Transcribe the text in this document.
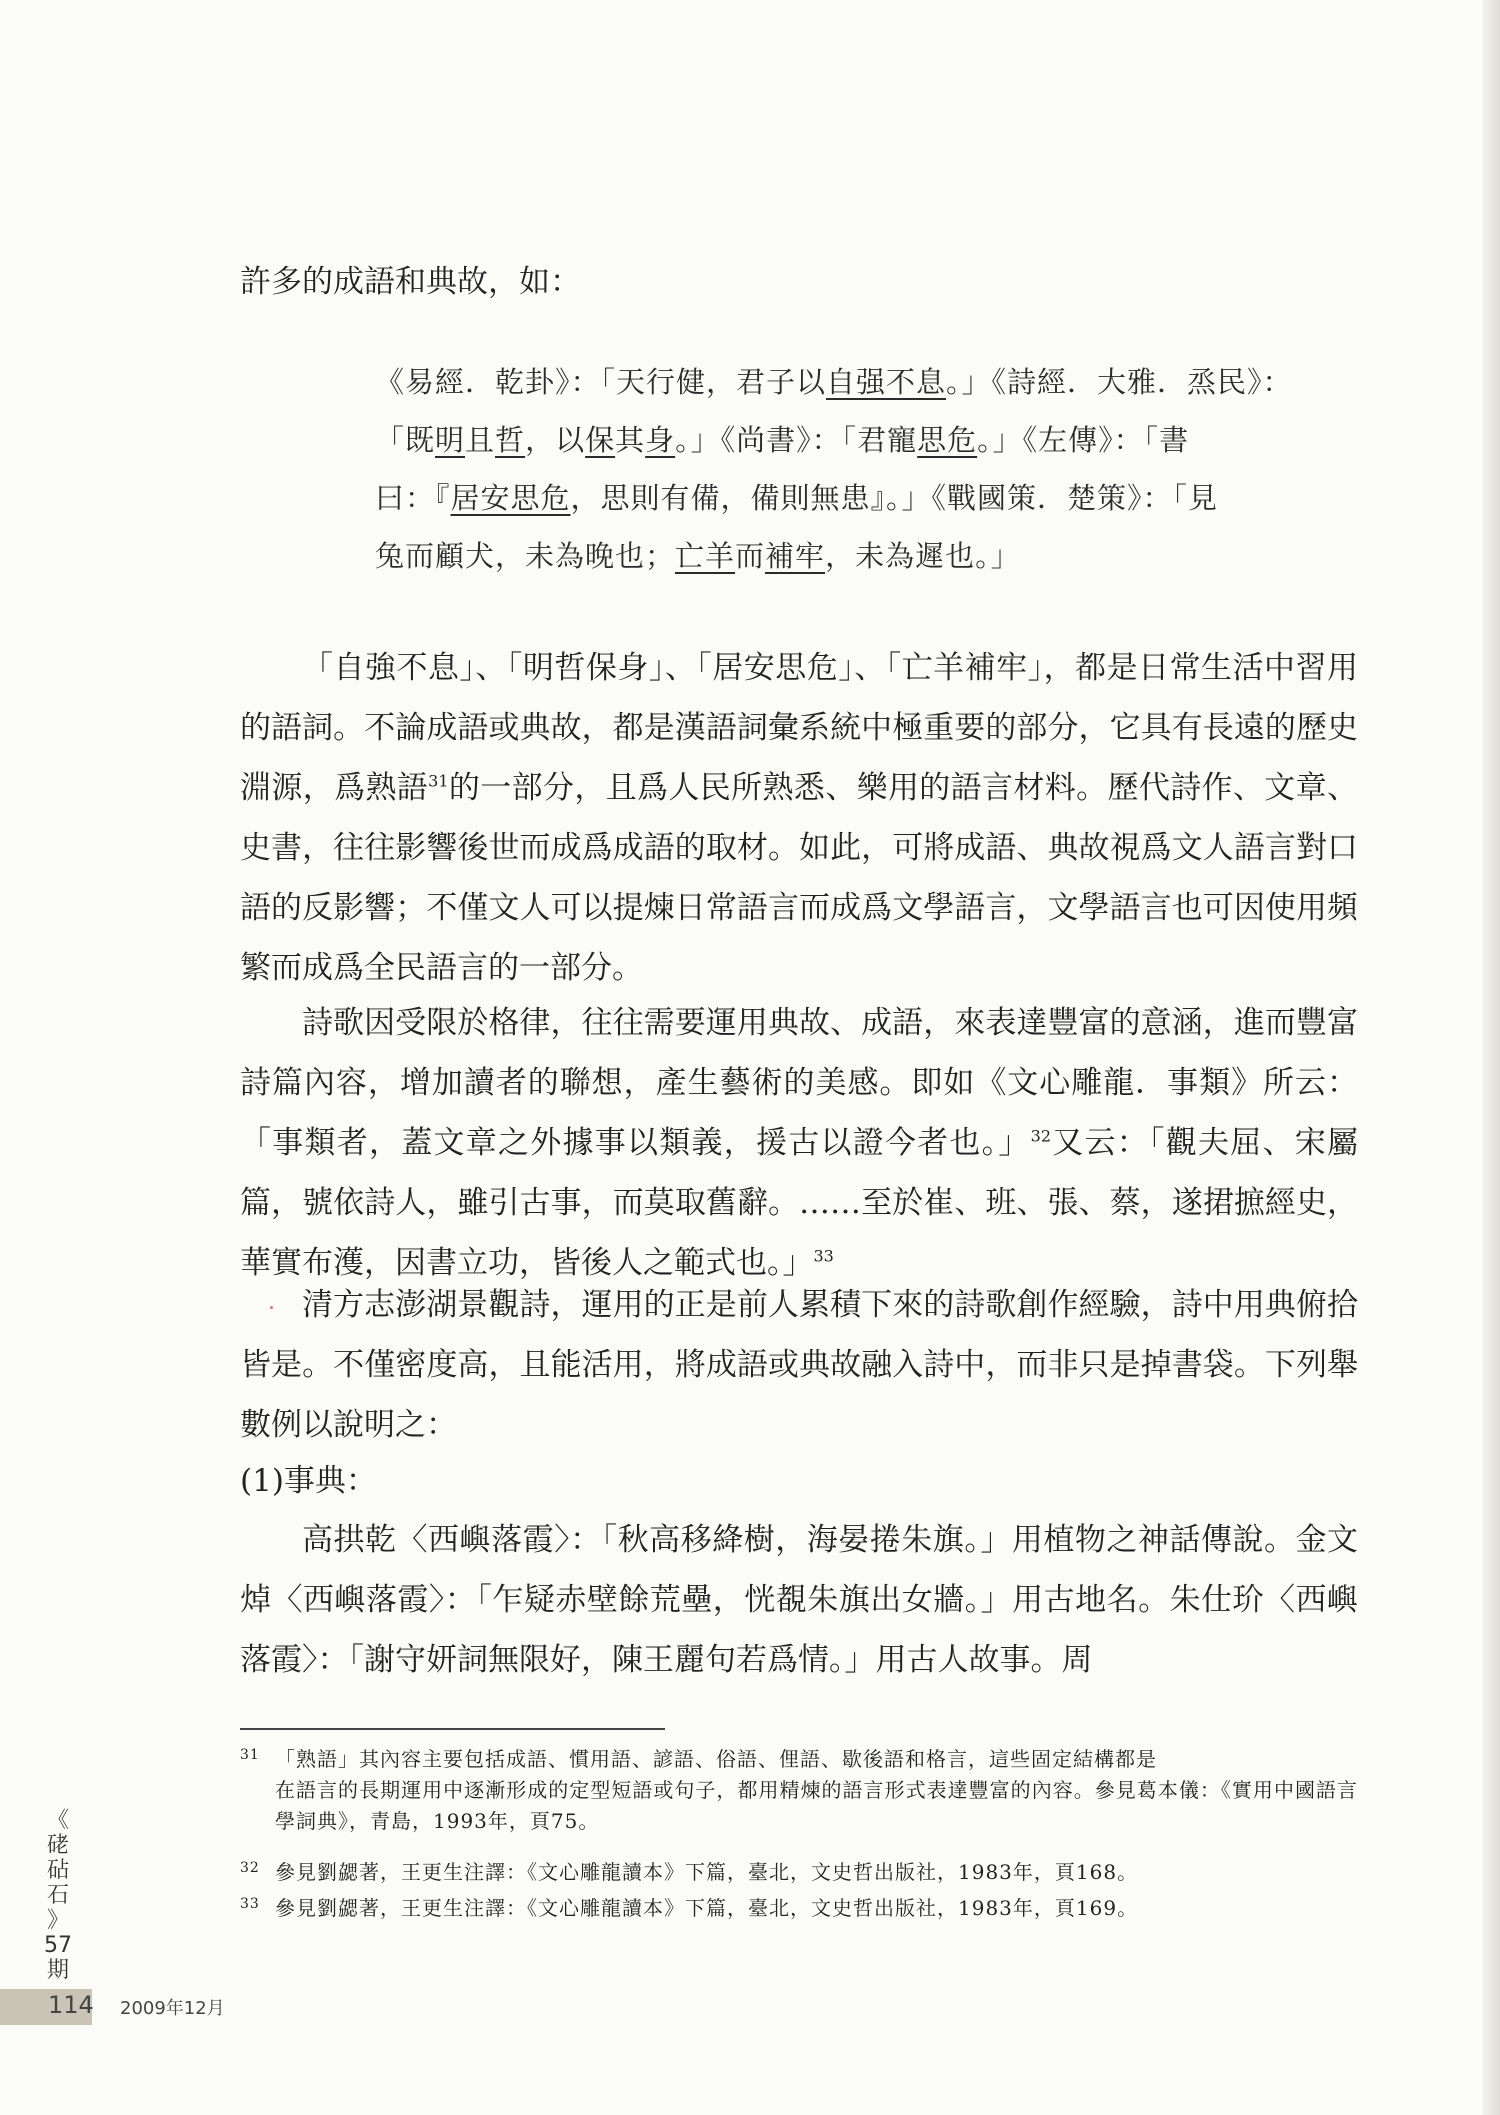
許多的成語和典故，如：

《易經．乾卦》：「天行健，君子以自强不息。」《詩經．大雅．烝民》：

「既明且哲，以保其身。」《尚書》：「君寵思危。」《左傳》：「書

曰：『居安思危，思則有備，備則無患』。」《戰國策．楚策》：「見

兔而顧犬，未為晚也；亡羊而補牢，未為遲也。」

「自強不息」、「明哲保身」、「居安思危」、「亡羊補牢」，都是日常生活中習用的語詞。不論成語或典故，都是漢語詞彙系統中極重要的部分，它具有長遠的歷史淵源，爲熟語$^{31}$的一部分，且爲人民所熟悉、樂用的語言材料。歷代詩作、文章、史書，往往影響後世而成爲成語的取材。如此，可將成語、典故視爲文人語言對口語的反影響；不僅文人可以提煉日常語言而成爲文學語言，文學語言也可因使用頻繁而成爲全民語言的一部分。

詩歌因受限於格律，往往需要運用典故、成語，來表達豐富的意涵，進而豐富詩篇內容，增加讀者的聯想，產生藝術的美感。即如《文心雕龍．事類》所云：「事類者，蓋文章之外據事以類義，援古以證今者也。」$^{32}$又云：「觀夫屈、宋屬篇，號依詩人，雖引古事，而莫取舊辭。……至於崔、班、張、蔡，遂捃摭經史，華實布濩，因書立功，皆後人之範式也。」$^{33}$

清方志澎湖景觀詩，運用的正是前人累積下來的詩歌創作經驗，詩中用典俯拾皆是。不僅密度高，且能活用，將成語或典故融入詩中，而非只是掉書袋。下列舉數例以說明之：

(1)事典：

高拱乾〈西嶼落霞〉：「秋高移絳樹，海晏捲朱旗。」用植物之神話傳說。金文焯〈西嶼落霞〉：「乍疑赤壁餘荒壘，恍覩朱旗出女牆。」用古地名。朱仕玠〈西嶼落霞〉：「謝守妍詞無限好，陳王麗句若爲情。」用古人故事。周

31 「熟語」其內容主要包括成語、慣用語、諺語、俗語、俚語、歇後語和格言，這些固定結構都是
在語言的長期運用中逐漸形成的定型短語或句子，都用精煉的語言形式表達豐富的內容。參見葛本儀：《實用中國語言學詞典》，青島，1993年，頁75。

32 參見劉勰著，王更生注譯：《文心雕龍讀本》下篇，臺北，文史哲出版社，1983年，頁168。

33 參見劉勰著，王更生注譯：《文心雕龍讀本》下篇，臺北，文史哲出版社，1983年，頁169。

《
硓
砧
石
》
57
期
114 2009年12月
